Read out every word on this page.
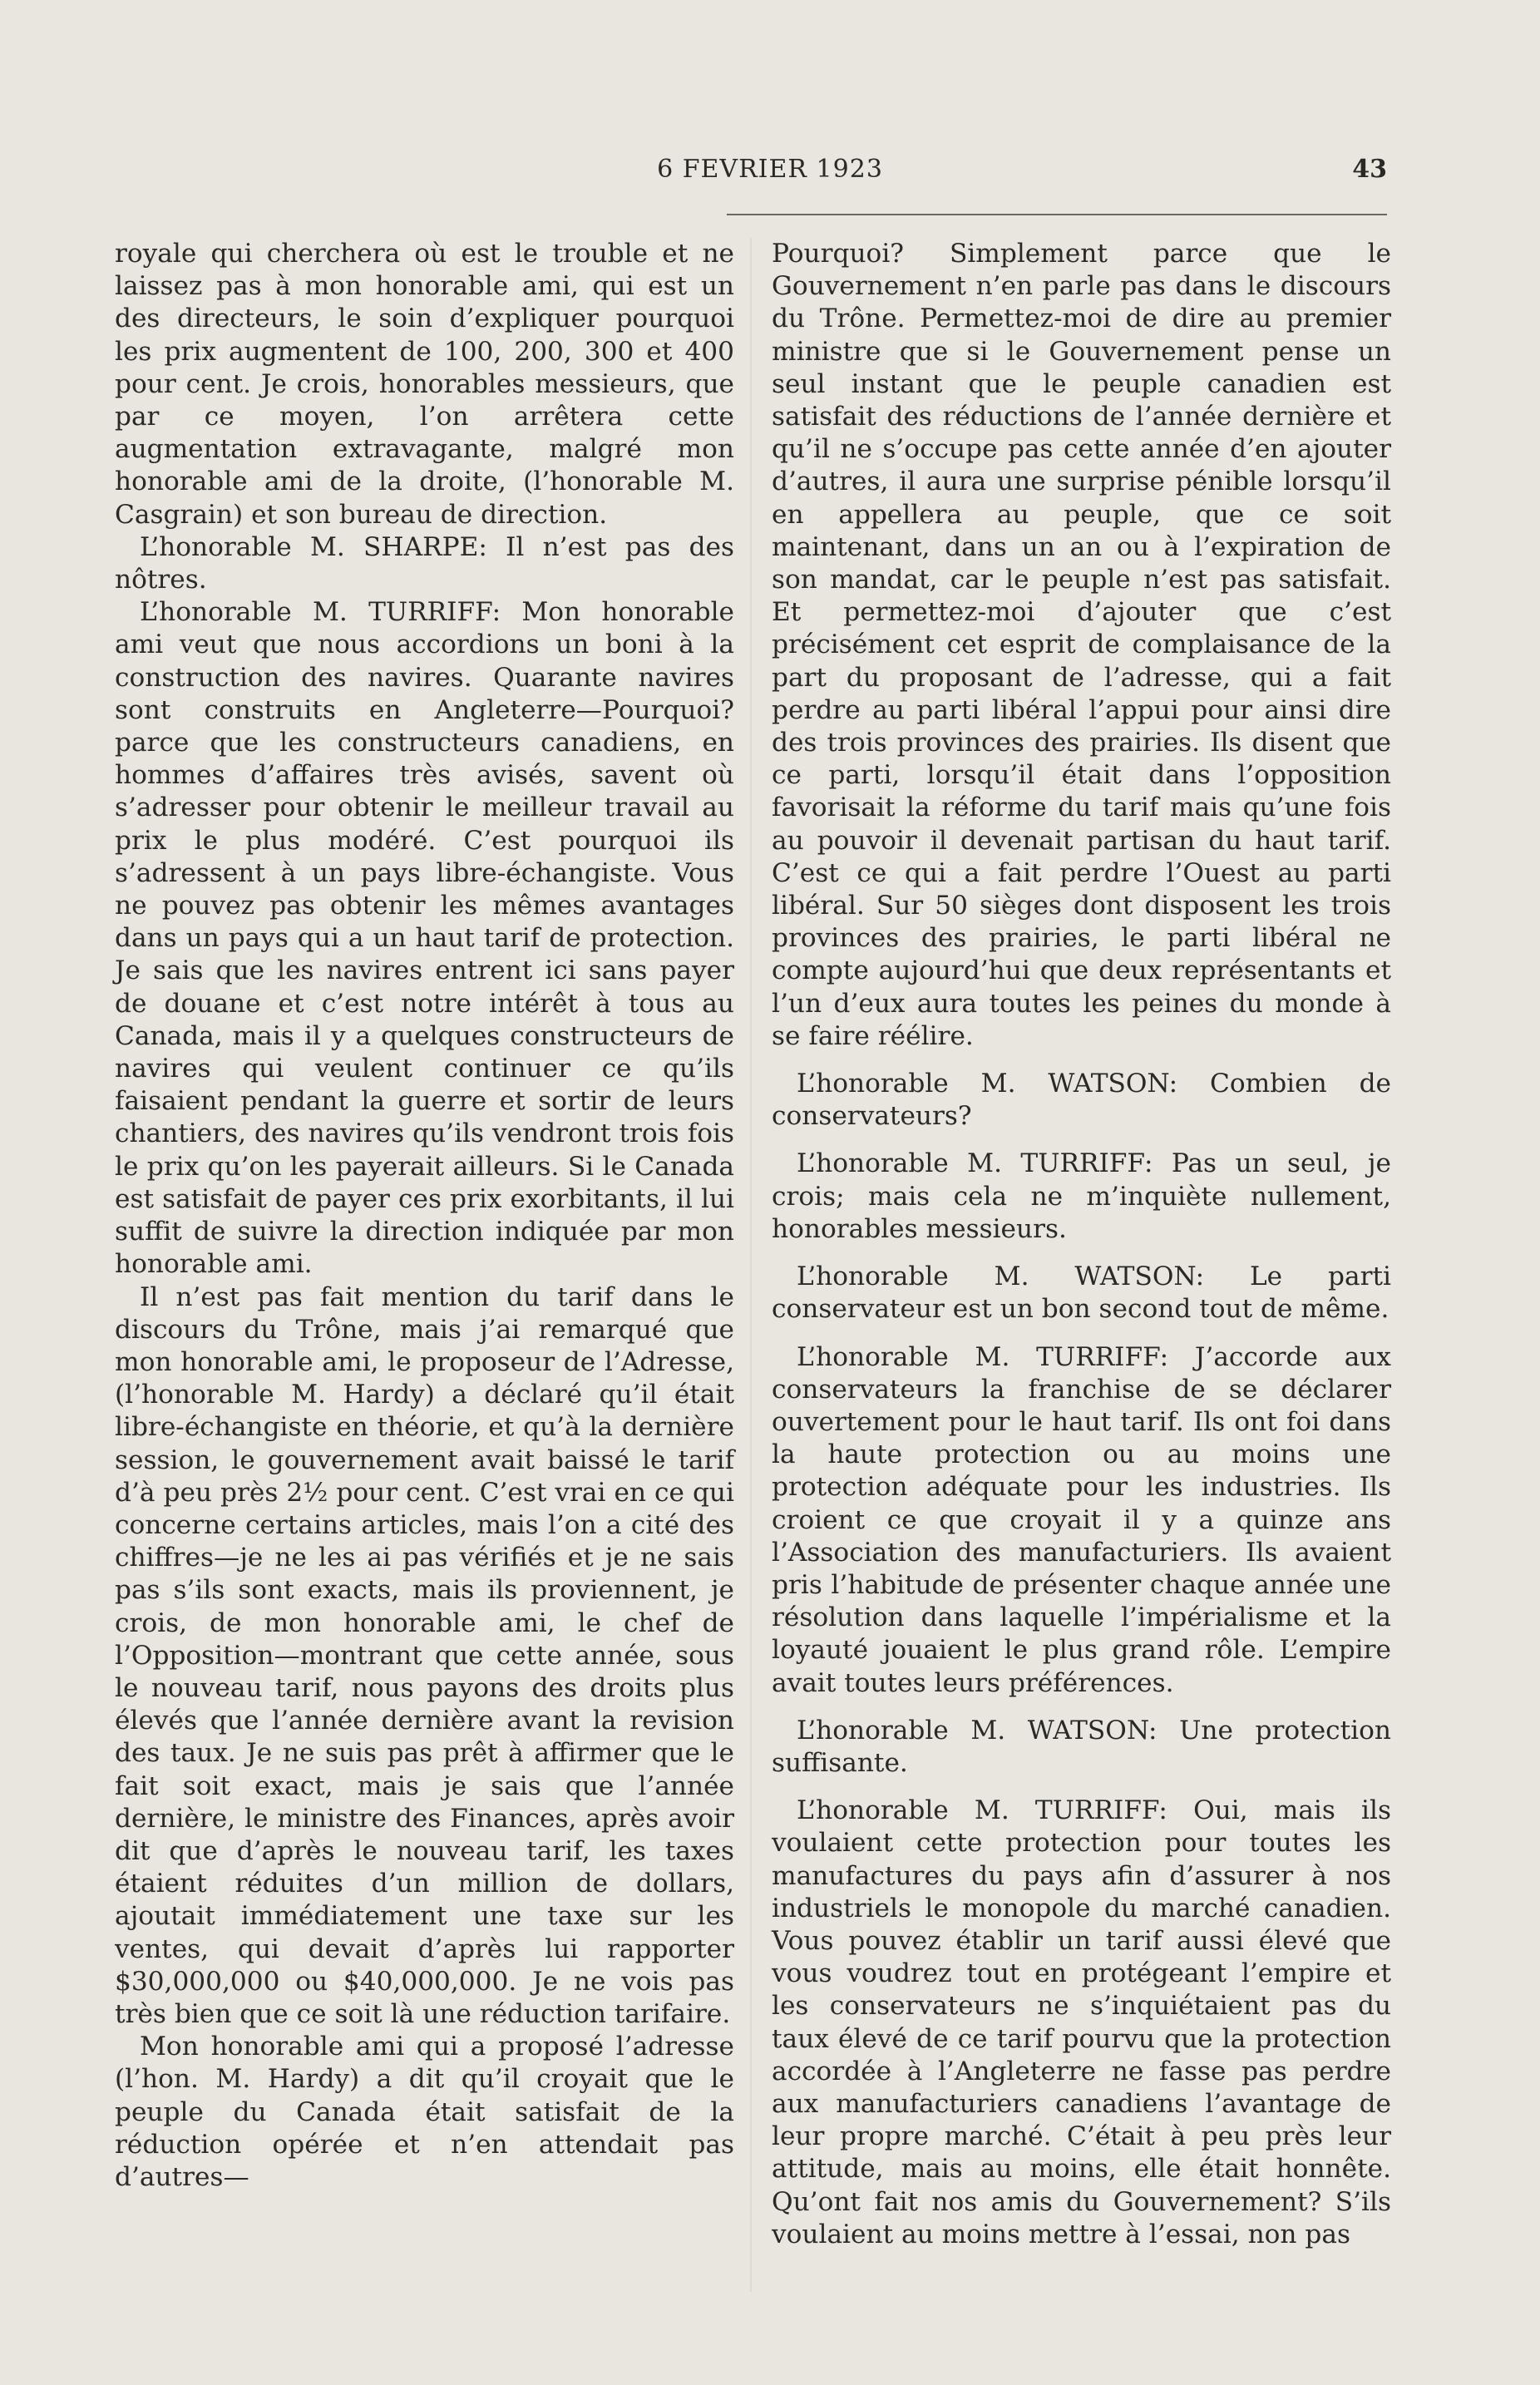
6 FEVRIER 1923	43

royale qui cherchera où est le trouble et ne laissez pas à mon honorable ami, qui est un des directeurs, le soin d’expliquer pourquoi les prix augmentent de 100, 200, 300 et 400 pour cent. Je crois, honorables messieurs, que par ce moyen, l’on arrêtera cette augmentation extravagante, malgré mon honorable ami de la droite, (l’honorable M. Casgrain) et son bureau de direction.

L’honorable M. SHARPE: Il n’est pas des nôtres.

L’honorable M. TURRIFF: Mon honorable ami veut que nous accordions un boni à la construction des navires. Quarante navires sont construits en Angleterre—Pourquoi? parce que les constructeurs canadiens, en hommes d’affaires très avisés, savent où s’adresser pour obtenir le meilleur travail au prix le plus modéré. C’est pourquoi ils s’adressent à un pays libre-échangiste. Vous ne pouvez pas obtenir les mêmes avantages dans un pays qui a un haut tarif de protection. Je sais que les navires entrent ici sans payer de douane et c’est notre intérêt à tous au Canada, mais il y a quelques constructeurs de navires qui veulent continuer ce qu’ils faisaient pendant la guerre et sortir de leurs chantiers, des navires qu’ils vendront trois fois le prix qu’on les payerait ailleurs. Si le Canada est satisfait de payer ces prix exorbitants, il lui suffit de suivre la direction indiquée par mon honorable ami.

Il n’est pas fait mention du tarif dans le discours du Trône, mais j’ai remarqué que mon honorable ami, le proposeur de l’Adresse, (l’honorable M. Hardy) a déclaré qu’il était libre-échangiste en théorie, et qu’à la dernière session, le gouvernement avait baissé le tarif d’à peu près 2½ pour cent. C’est vrai en ce qui concerne certains articles, mais l’on a cité des chiffres—je ne les ai pas vérifiés et je ne sais pas s’ils sont exacts, mais ils proviennent, je crois, de mon honorable ami, le chef de l’Opposition—montrant que cette année, sous le nouveau tarif, nous payons des droits plus élevés que l’année dernière avant la revision des taux. Je ne suis pas prêt à affirmer que le fait soit exact, mais je sais que l’année dernière, le ministre des Finances, après avoir dit que d’après le nouveau tarif, les taxes étaient réduites d’un million de dollars, ajoutait immédiatement une taxe sur les ventes, qui devait d’après lui rapporter $30,000,000 ou $40,000,000. Je ne vois pas très bien que ce soit là une réduction tarifaire.

Mon honorable ami qui a proposé l’adresse (l’hon. M. Hardy) a dit qu’il croyait que le peuple du Canada était satisfait de la réduction opérée et n’en attendait pas d’autres—

Pourquoi? Simplement parce que le Gouvernement n’en parle pas dans le discours du Trône. Permettez-moi de dire au premier ministre que si le Gouvernement pense un seul instant que le peuple canadien est satisfait des réductions de l’année dernière et qu’il ne s’occupe pas cette année d’en ajouter d’autres, il aura une surprise pénible lorsqu’il en appellera au peuple, que ce soit maintenant, dans un an ou à l’expiration de son mandat, car le peuple n’est pas satisfait. Et permettez-moi d’ajouter que c’est précisément cet esprit de complaisance de la part du proposant de l’adresse, qui a fait perdre au parti libéral l’appui pour ainsi dire des trois provinces des prairies. Ils disent que ce parti, lorsqu’il était dans l’opposition favorisait la réforme du tarif mais qu’une fois au pouvoir il devenait partisan du haut tarif. C’est ce qui a fait perdre l’Ouest au parti libéral. Sur 50 sièges dont disposent les trois provinces des prairies, le parti libéral ne compte aujourd’hui que deux représentants et l’un d’eux aura toutes les peines du monde à se faire réélire.

L’honorable M. WATSON: Combien de conservateurs?

L’honorable M. TURRIFF: Pas un seul, je crois; mais cela ne m’inquiète nullement, honorables messieurs.

L’honorable M. WATSON: Le parti conservateur est un bon second tout de même.

L’honorable M. TURRIFF: J’accorde aux conservateurs la franchise de se déclarer ouvertement pour le haut tarif. Ils ont foi dans la haute protection ou au moins une protection adéquate pour les industries. Ils croient ce que croyait il y a quinze ans l’Association des manufacturiers. Ils avaient pris l’habitude de présenter chaque année une résolution dans laquelle l’impérialisme et la loyauté jouaient le plus grand rôle. L’empire avait toutes leurs préférences.

L’honorable M. WATSON: Une protection suffisante.

L’honorable M. TURRIFF: Oui, mais ils voulaient cette protection pour toutes les manufactures du pays afin d’assurer à nos industriels le monopole du marché canadien. Vous pouvez établir un tarif aussi élevé que vous voudrez tout en protégeant l’empire et les conservateurs ne s’inquiétaient pas du taux élevé de ce tarif pourvu que la protection accordée à l’Angleterre ne fasse pas perdre aux manufacturiers canadiens l’avantage de leur propre marché. C’était à peu près leur attitude, mais au moins, elle était honnête. Qu’ont fait nos amis du Gouvernement? S’ils voulaient au moins mettre à l’essai, non pas
